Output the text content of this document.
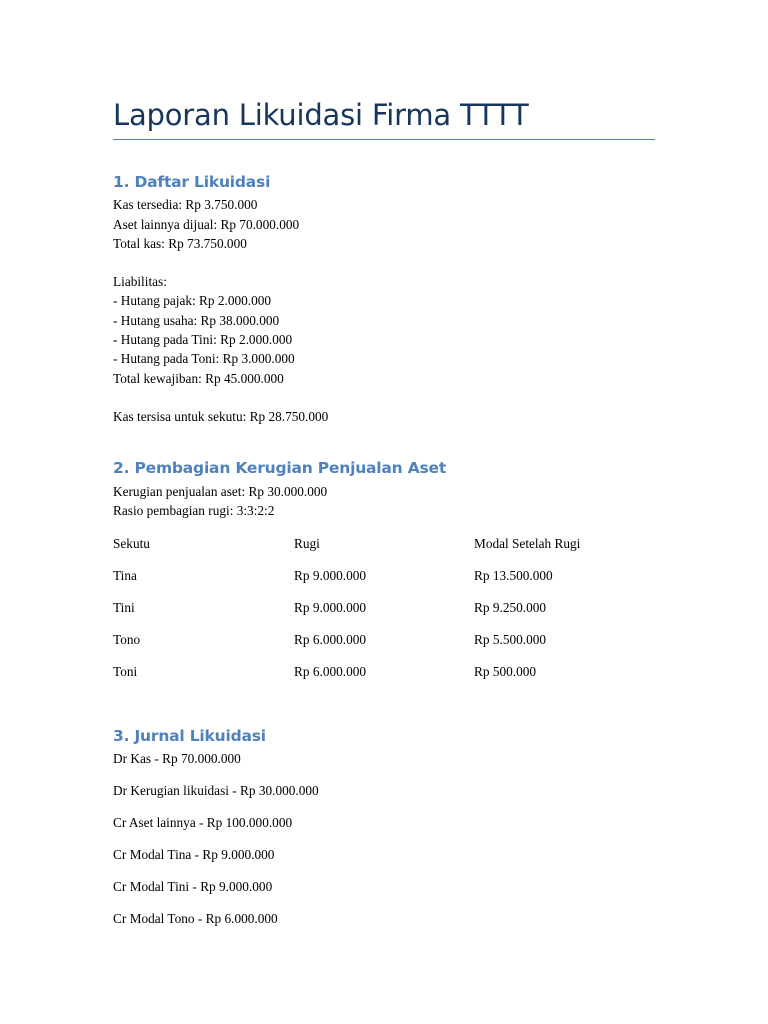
Laporan Likuidasi Firma TTTT
1. Daftar Likuidasi

Kas tersedia: Rp 3.750.000

Aset lainnya dijual: Rp 70.000.000

Total kas: Rp 73.750.000

Liabilitas:

- Hutang pajak: Rp 2.000.000

- Hutang usaha: Rp 38.000.000

- Hutang pada Tini: Rp 2.000.000

- Hutang pada Toni: Rp 3.000.000

Total kewajiban: Rp 45.000.000

Kas tersisa untuk sekutu: Rp 28.750.000

2. Pembagian Kerugian Penjualan Aset

Kerugian penjualan aset: Rp 30.000.000

Rasio pembagian rugi: 3:3:2:2

Sekutu	Rugi	Modal Setelah Rugi
Tina	Rp 9.000.000	Rp 13.500.000
Tini	Rp 9.000.000	Rp 9.250.000
Tono	Rp 6.000.000	Rp 5.500.000
Toni	Rp 6.000.000	Rp 500.000
3. Jurnal Likuidasi

Dr Kas - Rp 70.000.000

Dr Kerugian likuidasi - Rp 30.000.000

Cr Aset lainnya - Rp 100.000.000

Cr Modal Tina - Rp 9.000.000

Cr Modal Tini - Rp 9.000.000

Cr Modal Tono - Rp 6.000.000
